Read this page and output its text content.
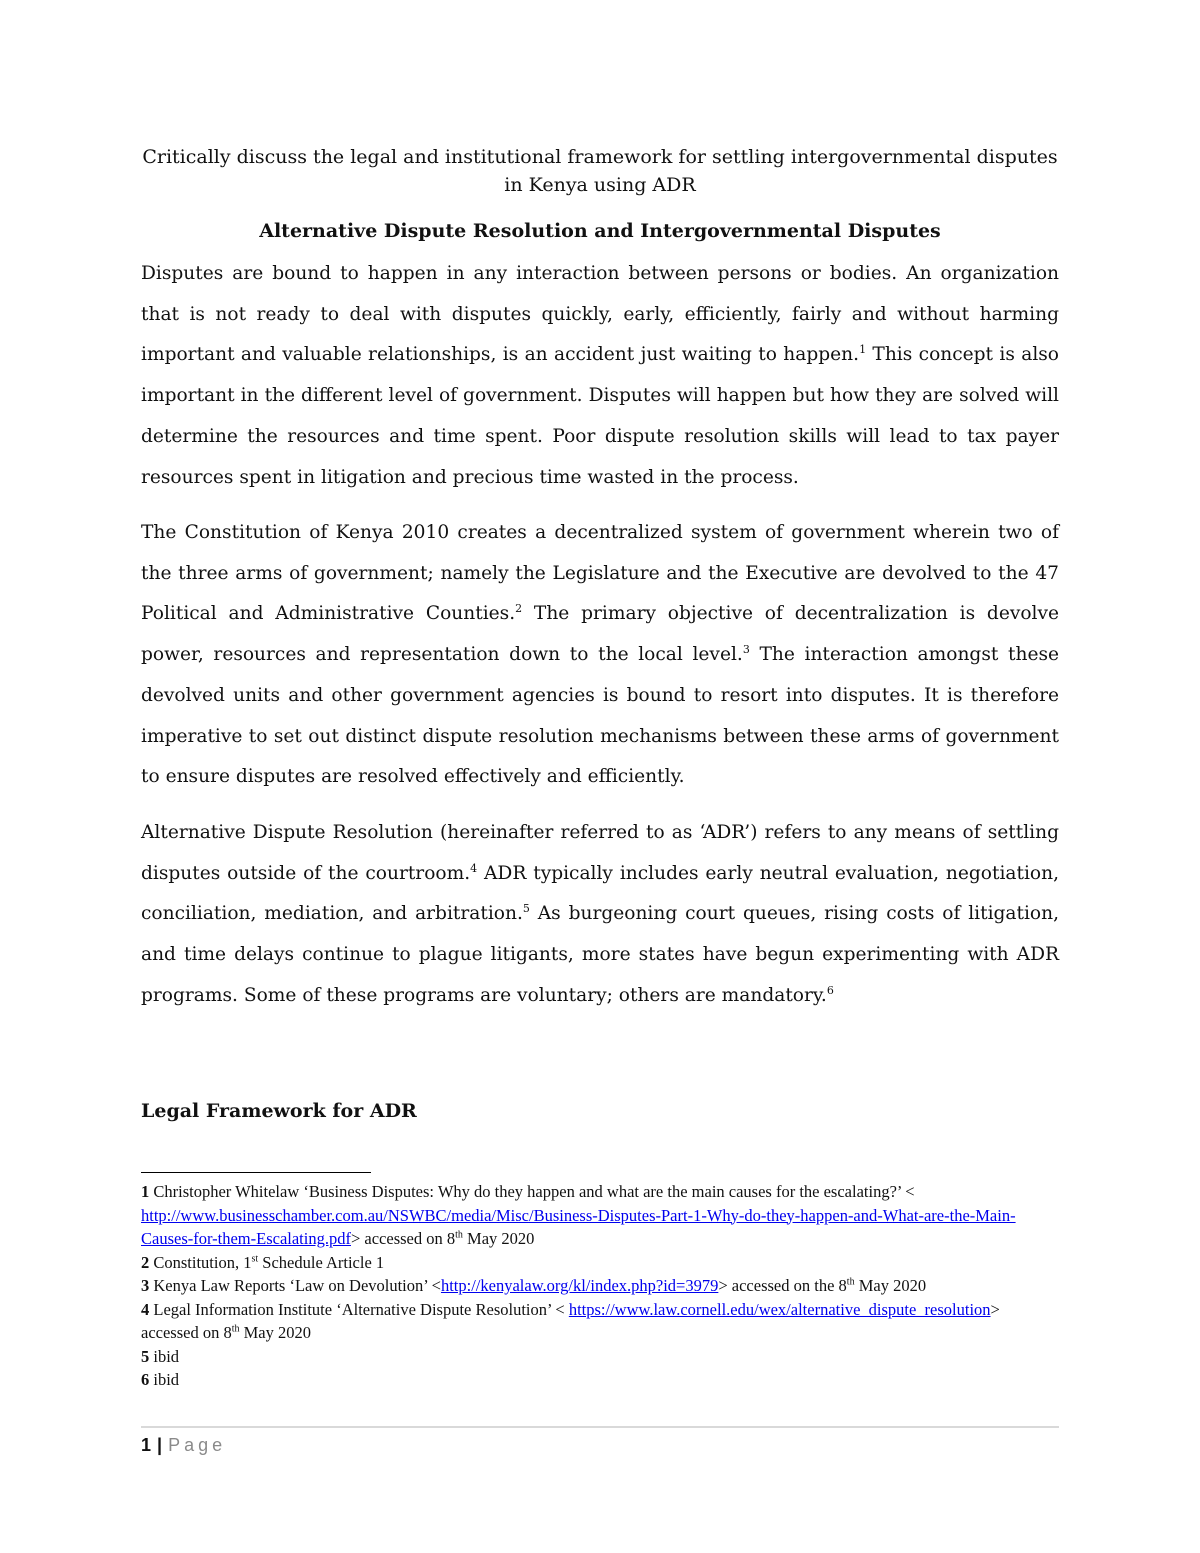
Critically discuss the legal and institutional framework for settling intergovernmental disputes in Kenya using ADR
Alternative Dispute Resolution and Intergovernmental Disputes

Disputes are bound to happen in any interaction between persons or bodies. An organization that is not ready to deal with disputes quickly, early, efficiently, fairly and without harming important and valuable relationships, is an accident just waiting to happen.$^1$ This concept is also important in the different level of government. Disputes will happen but how they are solved will determine the resources and time spent. Poor dispute resolution skills will lead to tax payer resources spent in litigation and precious time wasted in the process.

The Constitution of Kenya 2010 creates a decentralized system of government wherein two of the three arms of government; namely the Legislature and the Executive are devolved to the 47 Political and Administrative Counties.$^2$ The primary objective of decentralization is devolve power, resources and representation down to the local level.$^3$ The interaction amongst these devolved units and other government agencies is bound to resort into disputes. It is therefore imperative to set out distinct dispute resolution mechanisms between these arms of government to ensure disputes are resolved effectively and efficiently.

Alternative Dispute Resolution (hereinafter referred to as ‘ADR’) refers to any means of settling disputes outside of the courtroom.$^4$ ADR typically includes early neutral evaluation, negotiation, conciliation, mediation, and arbitration.$^5$ As burgeoning court queues, rising costs of litigation, and time delays continue to plague litigants, more states have begun experimenting with ADR programs. Some of these programs are voluntary; others are mandatory.$^6$

Legal Framework for ADR

1 Christopher Whitelaw ‘Business Disputes: Why do they happen and what are the main causes for the escalating?’ < http://www.businesschamber.com.au/NSWBC/media/Misc/Business-Disputes-Part-1-Why-do-they-happen-and-What-are-the-Main-Causes-for-them-Escalating.pdf> accessed on 8th May 2020

2 Constitution, 1st Schedule Article 1

3 Kenya Law Reports ‘Law on Devolution’ <http://kenyalaw.org/kl/index.php?id=3979> accessed on the 8th May 2020

4 Legal Information Institute ‘Alternative Dispute Resolution’ < https://www.law.cornell.edu/wex/alternative_dispute_resolution> accessed on 8th May 2020

5 ibid

6 ibid

1 | Page
